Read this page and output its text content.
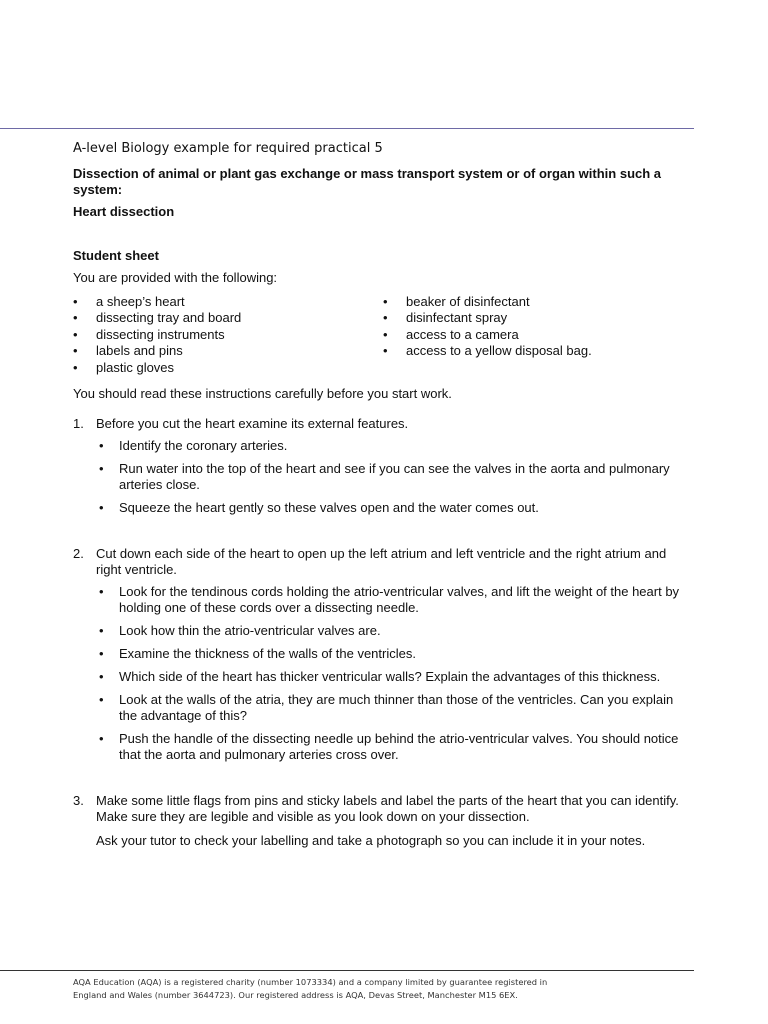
A-level Biology example for required practical 5

Dissection of animal or plant gas exchange or mass transport system or of organ within such a system:

Heart dissection

Student sheet

You are provided with the following:

• a sheep’s heart
• dissecting tray and board
• dissecting instruments
• labels and pins
• plastic gloves
• beaker of disinfectant
• disinfectant spray
• access to a camera
• access to a yellow disposal bag.

You should read these instructions carefully before you start work.

1. Before you cut the heart examine its external features.
• Identify the coronary arteries.
• Run water into the top of the heart and see if you can see the valves in the aorta and pulmonary arteries close.
• Squeeze the heart gently so these valves open and the water comes out.
2. Cut down each side of the heart to open up the left atrium and left ventricle and the right atrium and right ventricle.
• Look for the tendinous cords holding the atrio-ventricular valves, and lift the weight of the heart by holding one of these cords over a dissecting needle.
• Look how thin the atrio-ventricular valves are.
• Examine the thickness of the walls of the ventricles.
• Which side of the heart has thicker ventricular walls? Explain the advantages of this thickness.
• Look at the walls of the atria, they are much thinner than those of the ventricles. Can you explain the advantage of this?
• Push the handle of the dissecting needle up behind the atrio-ventricular valves. You should notice that the aorta and pulmonary arteries cross over.
3. Make some little flags from pins and sticky labels and label the parts of the heart that you can identify. Make sure they are legible and visible as you look down on your dissection.
Ask your tutor to check your labelling and take a photograph so you can include it in your notes.
AQA Education (AQA) is a registered charity (number 1073334) and a company limited by guarantee registered in
England and Wales (number 3644723). Our registered address is AQA, Devas Street, Manchester M15 6EX.
